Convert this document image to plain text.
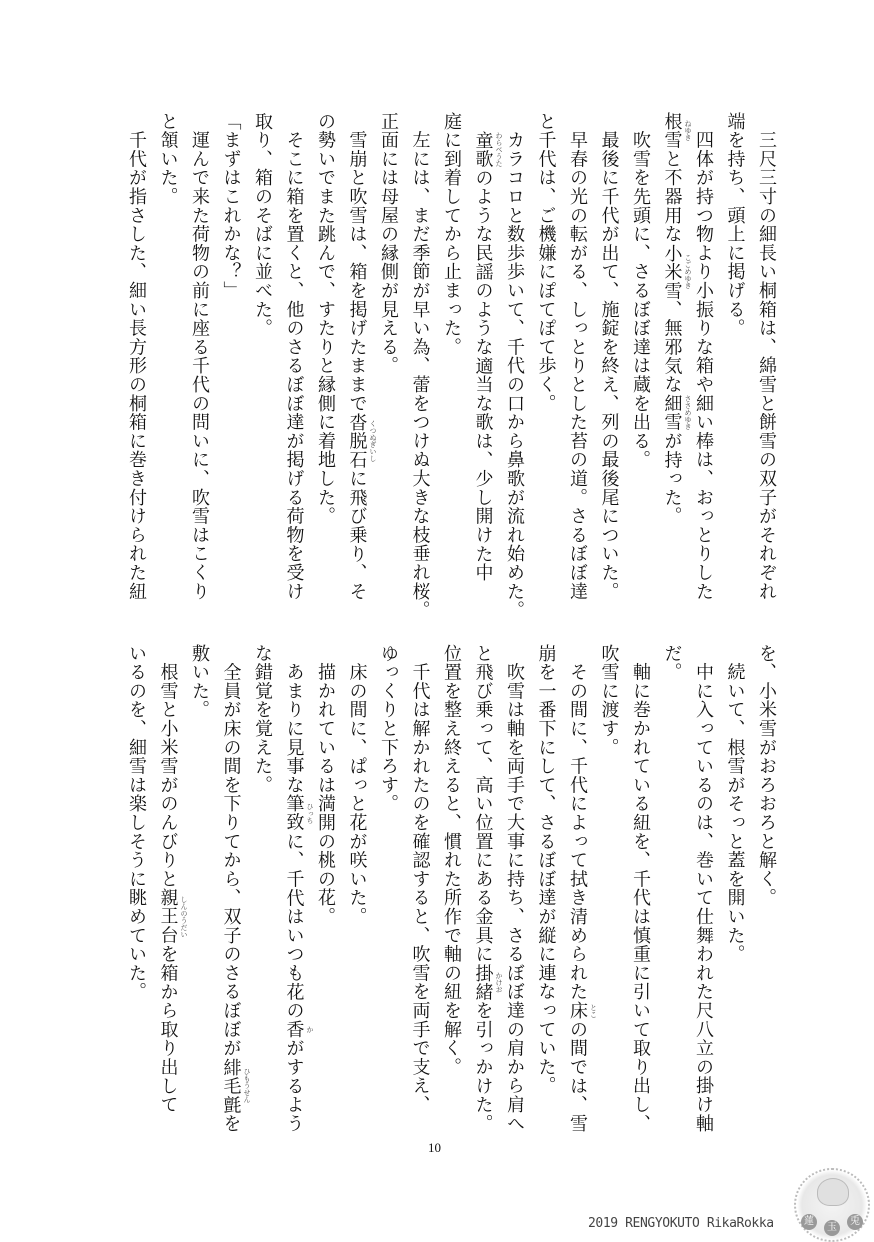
　三尺三寸の細長い桐箱は、綿雪と餅雪の双子がそれぞれ
端を持ち、頭上に掲げる。
　四体が持つ物より小振りな箱や細い棒は、おっとりした
根雪 ねゆき
と不器用な小米雪 こごめゆき
、無邪気な細雪 ささめゆき
が持った。
　吹雪を先頭に、さるぼぼ達は蔵を出る。
　最後に千代が出て、施錠を終え、列の最後尾についた。
　早春の光の転がる、しっとりとした苔の道。さるぼぼ達
と千代は、ご機嫌にぽてぽて歩く。
　カラコロと数歩歩いて、千代の口から鼻歌が流れ始めた。
　童歌 わらべうた
のような民謡のような適当な歌は、少し開けた中
庭に到着してから止まった。
　左には、まだ季節が早い為、蕾をつけぬ大きな枝垂れ桜。
正面には母屋の縁側が見える。
　雪崩と吹雪は、箱を掲げたままで沓脱石 くつぬぎいし
に飛び乗り、そ
の勢いでまた跳んで、すたりと縁側に着地した。
　そこに箱を置くと、他のさるぼぼ達が掲げる荷物を受け
取り、箱のそばに並べた。
「まずはこれかな？」
　運んで来た荷物の前に座る千代の問いに、吹雪はこくり
と頷いた。
　千代が指さした、細い長方形の桐箱に巻き付けられた紐
を、小米雪がおろおろと解く。
　続いて、根雪がそっと蓋を開いた。
　中に入っているのは、巻いて仕舞われた尺八立の掛け軸
だ。
　軸に巻かれている紐を、千代は慎重に引いて取り出し、
吹雪に渡す。
　その間に、千代によって拭き清められた床 とこ
の間では、雪
崩を一番下にして、さるぼぼ達が縦に連なっていた。
　吹雪は軸を両手で大事に持ち、さるぼぼ達の肩から肩へ
と飛び乗って、高い位置にある金具に掛緒 かけお
を引っかけた。
位置を整え終えると、慣れた所作で軸の紐を解く。
　千代は解かれたのを確認すると、吹雪を両手で支え、
ゆっくりと下ろす。
　床の間に、ぱっと花が咲いた。
　描かれているは満開の桃の花。
　あまりに見事な筆致 ひっち
に、千代はいつも花の香 か
がするよう
な錯覚を覚えた。
　全員が床の間を下りてから、双子のさるぼぼが緋毛氈 ひもうせん
を
敷いた。
　根雪と小米雪がのんびりと親王台 しんのうだい
を箱から取り出して
いるのを、細雪は楽しそうに眺めていた。
10
2019 RENGYOKUTO RikaRokka	蓮
玉
兎
